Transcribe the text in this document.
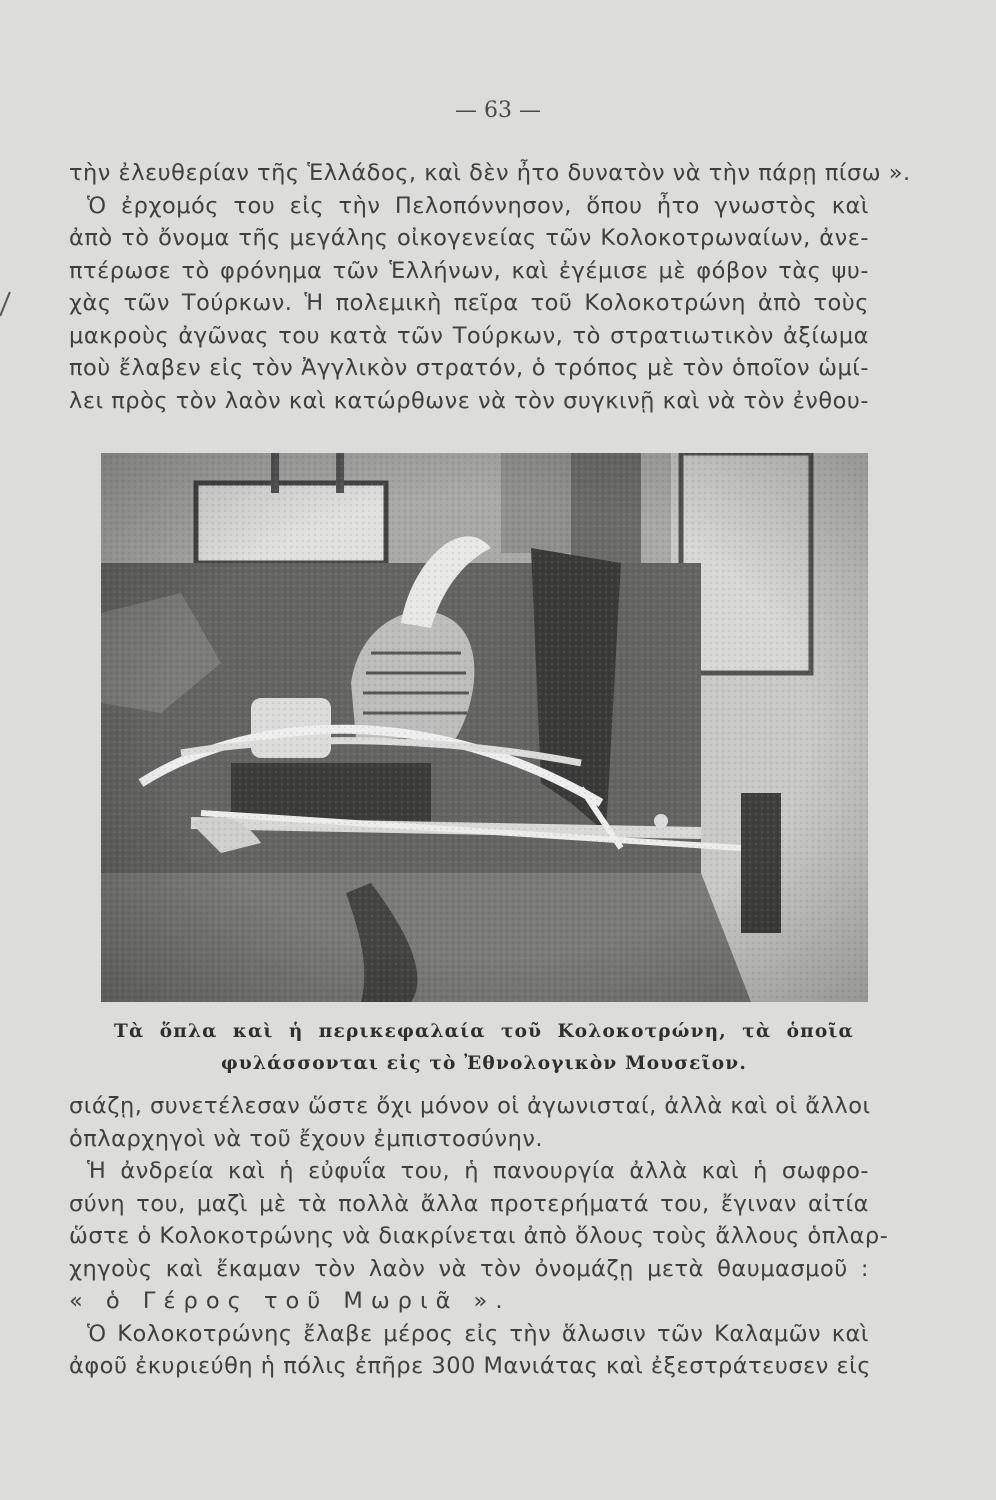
— 63 —
τὴν ἐλευθερίαν τῆς Ἑλλάδος, καὶ δὲν ἦτο δυνατὸν νὰ τὴν πάρῃ πίσω ».
Ὁ ἐρχομός του εἰς τὴν Πελοπόννησον, ὅπου ἦτο γνωστὸς καὶ
ἀπὸ τὸ ὄνομα τῆς μεγάλης οἰκογενείας τῶν Κολοκοτρωναίων, ἀνε-
πτέρωσε τὸ φρόνημα τῶν Ἑλλήνων, καὶ ἐγέμισε μὲ φόβον τὰς ψυ-
χὰς τῶν Τούρκων. Ἡ πολεμικὴ πεῖρα τοῦ Κολοκοτρώνη ἀπὸ τοὺς
μακροὺς ἀγῶνας του κατὰ τῶν Τούρκων, τὸ στρατιωτικὸν ἀξίωμα
ποὺ ἔλαβεν εἰς τὸν Ἀγγλικὸν στρατόν, ὁ τρόπος μὲ τὸν ὁποῖον ὡμί-
λει πρὸς τὸν λαὸν καὶ κατώρθωνε νὰ τὸν συγκινῇ καὶ νὰ τὸν ἐνθου-
Τὰ ὅπλα καὶ ἡ περικεφαλαία τοῦ Κολοκοτρώνη, τὰ ὁποῖα
φυλάσσονται εἰς τὸ Ἐθνολογικὸν Μουσεῖον.
σιάζῃ, συνετέλεσαν ὥστε ὄχι μόνον οἱ ἀγωνισταί, ἀλλὰ καὶ οἱ ἄλλοι
ὁπλαρχηγοὶ νὰ τοῦ ἔχουν ἐμπιστοσύνην.
Ἡ ἀνδρεία καὶ ἡ εὐφυΐα του, ἡ πανουργία ἀλλὰ καὶ ἡ σωφρο-
σύνη του, μαζὶ μὲ τὰ πολλὰ ἄλλα προτερήματά του, ἔγιναν αἰτία
ὥστε ὁ Κολοκοτρώνης νὰ διακρίνεται ἀπὸ ὅλους τοὺς ἄλλους ὁπλαρ-
χηγοὺς καὶ ἔκαμαν τὸν λαὸν νὰ τὸν ὀνομάζῃ μετὰ θαυμασμοῦ :
« ὁ Γέρος τοῦ Μωριᾶ ».
Ὁ Κολοκοτρώνης ἔλαβε μέρος εἰς τὴν ἅλωσιν τῶν Καλαμῶν καὶ
ἀφοῦ ἐκυριεύθη ἡ πόλις ἐπῆρε 300 Μανιάτας καὶ ἐξεστράτευσεν εἰς
